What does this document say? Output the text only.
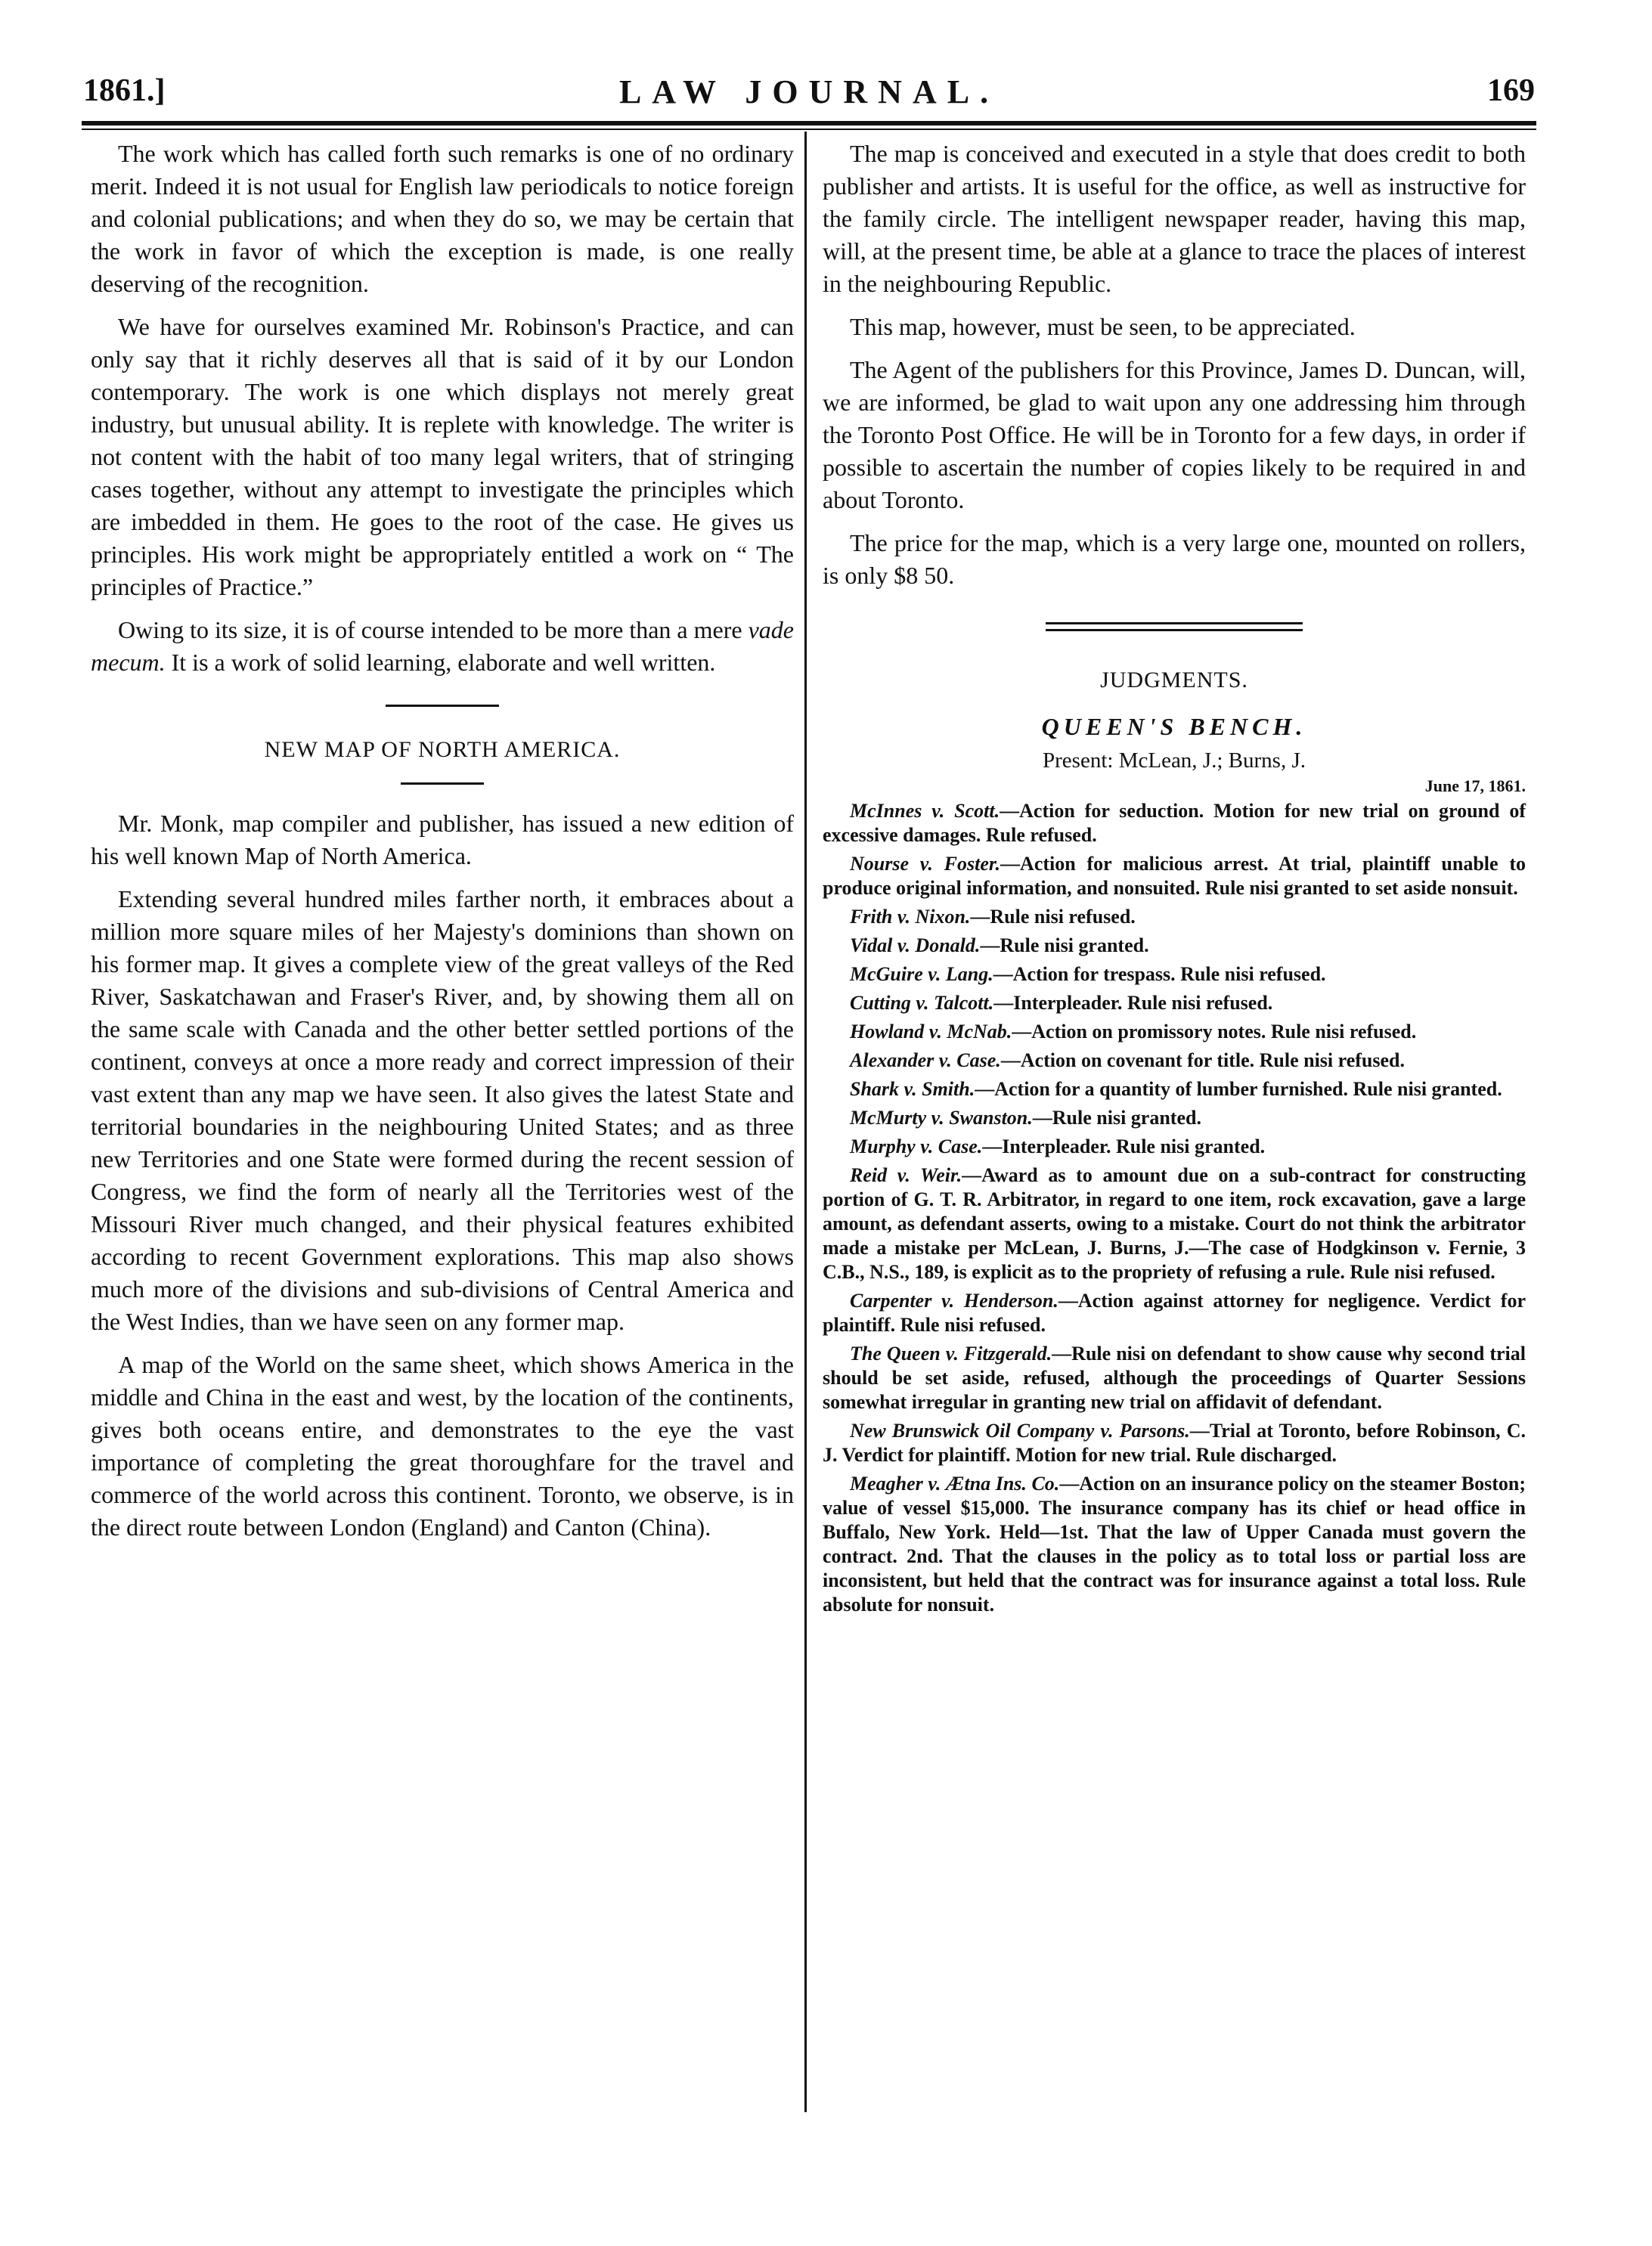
1861.]	LAW JOURNAL.	169

The work which has called forth such remarks is one of no ordinary merit. Indeed it is not usual for English law periodicals to notice foreign and colonial publications; and when they do so, we may be certain that the work in favor of which the exception is made, is one really deserving of the recognition.

We have for ourselves examined Mr. Robinson's Practice, and can only say that it richly deserves all that is said of it by our London contemporary. The work is one which displays not merely great industry, but unusual ability. It is replete with knowledge. The writer is not content with the habit of too many legal writers, that of stringing cases together, without any attempt to investigate the principles which are imbedded in them. He goes to the root of the case. He gives us principles. His work might be appropriately entitled a work on “ The principles of Practice.”

Owing to its size, it is of course intended to be more than a mere vade mecum. It is a work of solid learning, elaborate and well written.

NEW MAP OF NORTH AMERICA.

Mr. Monk, map compiler and publisher, has issued a new edition of his well known Map of North America.

Extending several hundred miles farther north, it embraces about a million more square miles of her Majesty's dominions than shown on his former map. It gives a complete view of the great valleys of the Red River, Saskatchawan and Fraser's River, and, by showing them all on the same scale with Canada and the other better settled portions of the continent, conveys at once a more ready and correct impression of their vast extent than any map we have seen. It also gives the latest State and territorial boundaries in the neighbouring United States; and as three new Territories and one State were formed during the recent session of Congress, we find the form of nearly all the Territories west of the Missouri River much changed, and their physical features exhibited according to recent Government explorations. This map also shows much more of the divisions and sub-divisions of Central America and the West Indies, than we have seen on any former map.

A map of the World on the same sheet, which shows America in the middle and China in the east and west, by the location of the continents, gives both oceans entire, and demonstrates to the eye the vast importance of completing the great thoroughfare for the travel and commerce of the world across this continent. Toronto, we observe, is in the direct route between London (England) and Canton (China).

The map is conceived and executed in a style that does credit to both publisher and artists. It is useful for the office, as well as instructive for the family circle. The intelligent newspaper reader, having this map, will, at the present time, be able at a glance to trace the places of interest in the neighbouring Republic.

This map, however, must be seen, to be appreciated.

The Agent of the publishers for this Province, James D. Duncan, will, we are informed, be glad to wait upon any one addressing him through the Toronto Post Office. He will be in Toronto for a few days, in order if possible to ascertain the number of copies likely to be required in and about Toronto.

The price for the map, which is a very large one, mounted on rollers, is only $8 50.

JUDGMENTS.
QUEEN'S BENCH.
Present: McLean, J.; Burns, J.
June 17, 1861.

McInnes v. Scott.—Action for seduction. Motion for new trial on ground of excessive damages. Rule refused.

Nourse v. Foster.—Action for malicious arrest. At trial, plaintiff unable to produce original information, and nonsuited. Rule nisi granted to set aside nonsuit.

Frith v. Nixon.—Rule nisi refused.

Vidal v. Donald.—Rule nisi granted.

McGuire v. Lang.—Action for trespass. Rule nisi refused.

Cutting v. Talcott.—Interpleader. Rule nisi refused.

Howland v. McNab.—Action on promissory notes. Rule nisi refused.

Alexander v. Case.—Action on covenant for title. Rule nisi refused.

Shark v. Smith.—Action for a quantity of lumber furnished. Rule nisi granted.

McMurty v. Swanston.—Rule nisi granted.

Murphy v. Case.—Interpleader. Rule nisi granted.

Reid v. Weir.—Award as to amount due on a sub-contract for constructing portion of G. T. R. Arbitrator, in regard to one item, rock excavation, gave a large amount, as defendant asserts, owing to a mistake. Court do not think the arbitrator made a mistake per McLean, J. Burns, J.—The case of Hodgkinson v. Fernie, 3 C.B., N.S., 189, is explicit as to the propriety of refusing a rule. Rule nisi refused.

Carpenter v. Henderson.—Action against attorney for negligence. Verdict for plaintiff. Rule nisi refused.

The Queen v. Fitzgerald.—Rule nisi on defendant to show cause why second trial should be set aside, refused, although the proceedings of Quarter Sessions somewhat irregular in granting new trial on affidavit of defendant.

New Brunswick Oil Company v. Parsons.—Trial at Toronto, before Robinson, C. J. Verdict for plaintiff. Motion for new trial. Rule discharged.

Meagher v. Ætna Ins. Co.—Action on an insurance policy on the steamer Boston; value of vessel $15,000. The insurance company has its chief or head office in Buffalo, New York. Held—1st. That the law of Upper Canada must govern the contract. 2nd. That the clauses in the policy as to total loss or partial loss are inconsistent, but held that the contract was for insurance against a total loss. Rule absolute for nonsuit.
